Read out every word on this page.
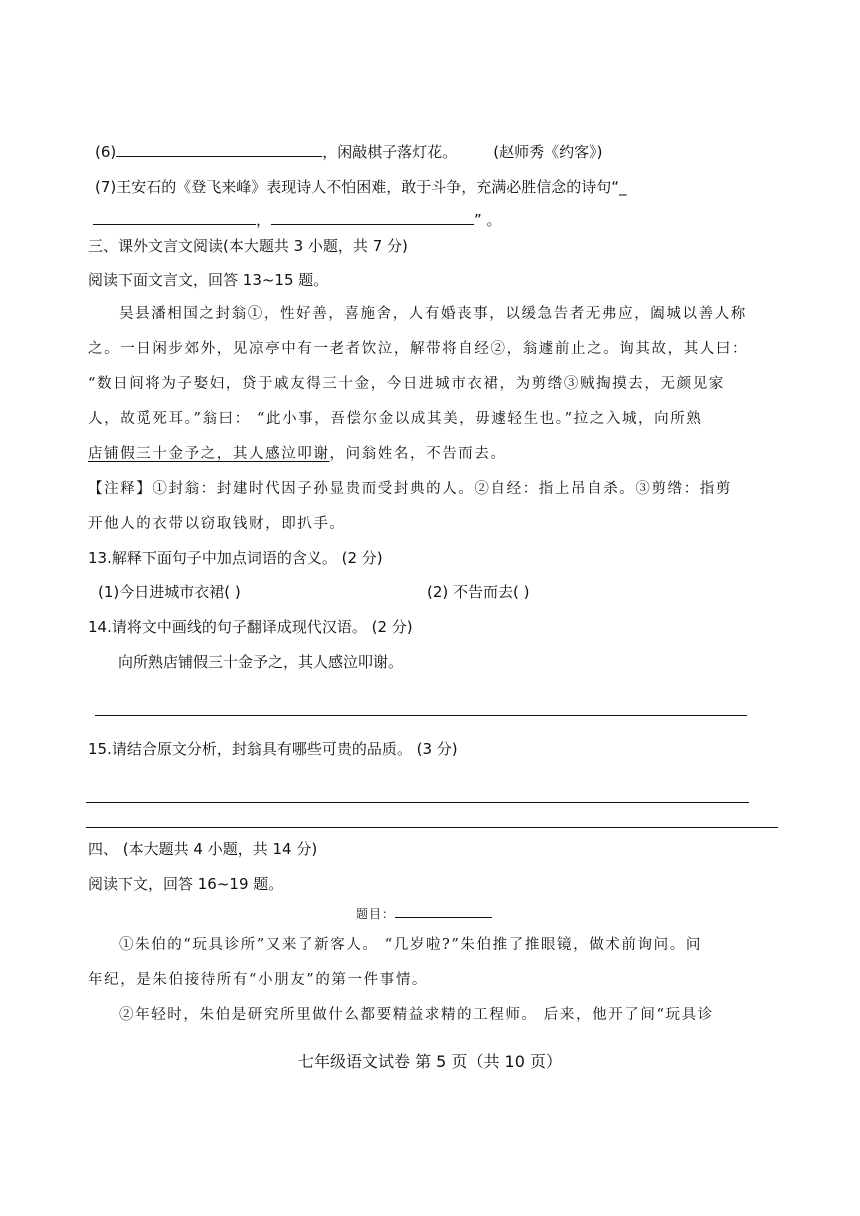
(6)	，闲敲棋子落灯花。 (赵师秀《约客》)
(7)王安石的《登飞来峰》表现诗人不怕困难，敢于斗争，充满必胜信念的诗句“_
，	” 。
三、课外文言文阅读(本大题共 3 小题，共 7 分)
阅读下面文言文，回答 13~15 题。
吴县潘相国之封翁①，性好善，喜施舍，人有婚丧事，以缓急告者无弗应，阖城以善人称
之。一日闲步郊外，见凉亭中有一老者饮泣，解带将自经②，翁遽前止之。询其故，其人曰：
“数日间将为子娶妇，贷于戚友得三十金，今日进城市衣裙，为剪绺③贼掏摸去，无颜见家
人，故觅死耳。”翁曰： “此小事，吾偿尔金以成其美，毋遽轻生也。”拉之入城，向所熟
店铺假三十金予之，其人感泣叩谢，问翁姓名，不告而去。
【注释】①封翁：封建时代因子孙显贵而受封典的人。②自经：指上吊自杀。③剪绺：指剪
开他人的衣带以窃取钱财，即扒手。
13.解释下面句子中加点词语的含义。 (2 分)
(1)今日进城市衣裙( )	(2) 不告而去( )
14.请将文中画线的句子翻译成现代汉语。 (2 分)
向所熟店铺假三十金予之，其人感泣叩谢。
15.请结合原文分析，封翁具有哪些可贵的品质。 (3 分)
四、 (本大题共 4 小题，共 14 分)
阅读下文，回答 16~19 题。
题目：
①朱伯的“玩具诊所”又来了新客人。 “几岁啦?”朱伯推了推眼镜，做术前询问。问
年纪，是朱伯接待所有“小朋友”的第一件事情。
②年轻时，朱伯是研究所里做什么都要精益求精的工程师。 后来，他开了间“玩具诊
七年级语文试卷 第 5 页（共 10 页）
